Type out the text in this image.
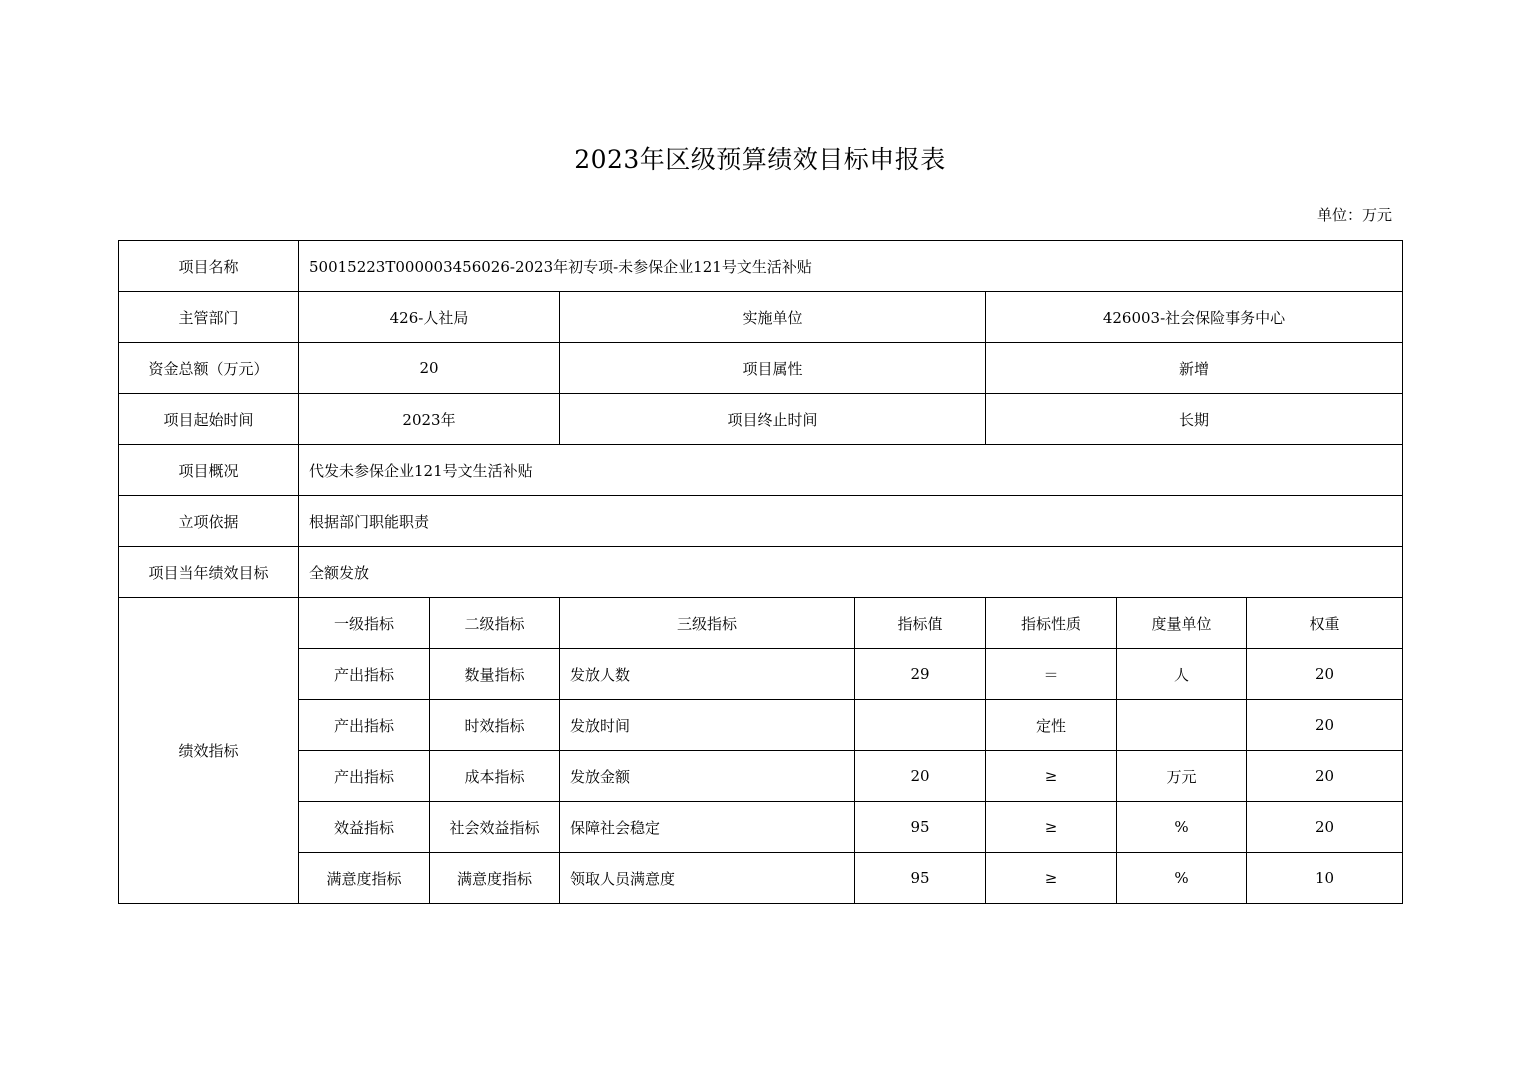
2023年区级预算绩效目标申报表
单位：万元
项目名称	50015223T000003456026-2023年初专项-未参保企业121号文生活补贴						
主管部门	426-人社局		实施单位		426003-社会保险事务中心		
资金总额（万元）	20		项目属性		新增		
项目起始时间	2023年		项目终止时间		长期		
项目概况	代发未参保企业121号文生活补贴						
立项依据	根据部门职能职责						
项目当年绩效目标	全额发放						
绩效指标	一级指标	二级指标	三级指标	指标值	指标性质	度量单位	权重
	产出指标	数量指标	发放人数	29	＝	人	20
	产出指标	时效指标	发放时间		定性		20
	产出指标	成本指标	发放金额	20	≥	万元	20
	效益指标	社会效益指标	保障社会稳定	95	≥	%	20
	满意度指标	满意度指标	领取人员满意度	95	≥	%	10
